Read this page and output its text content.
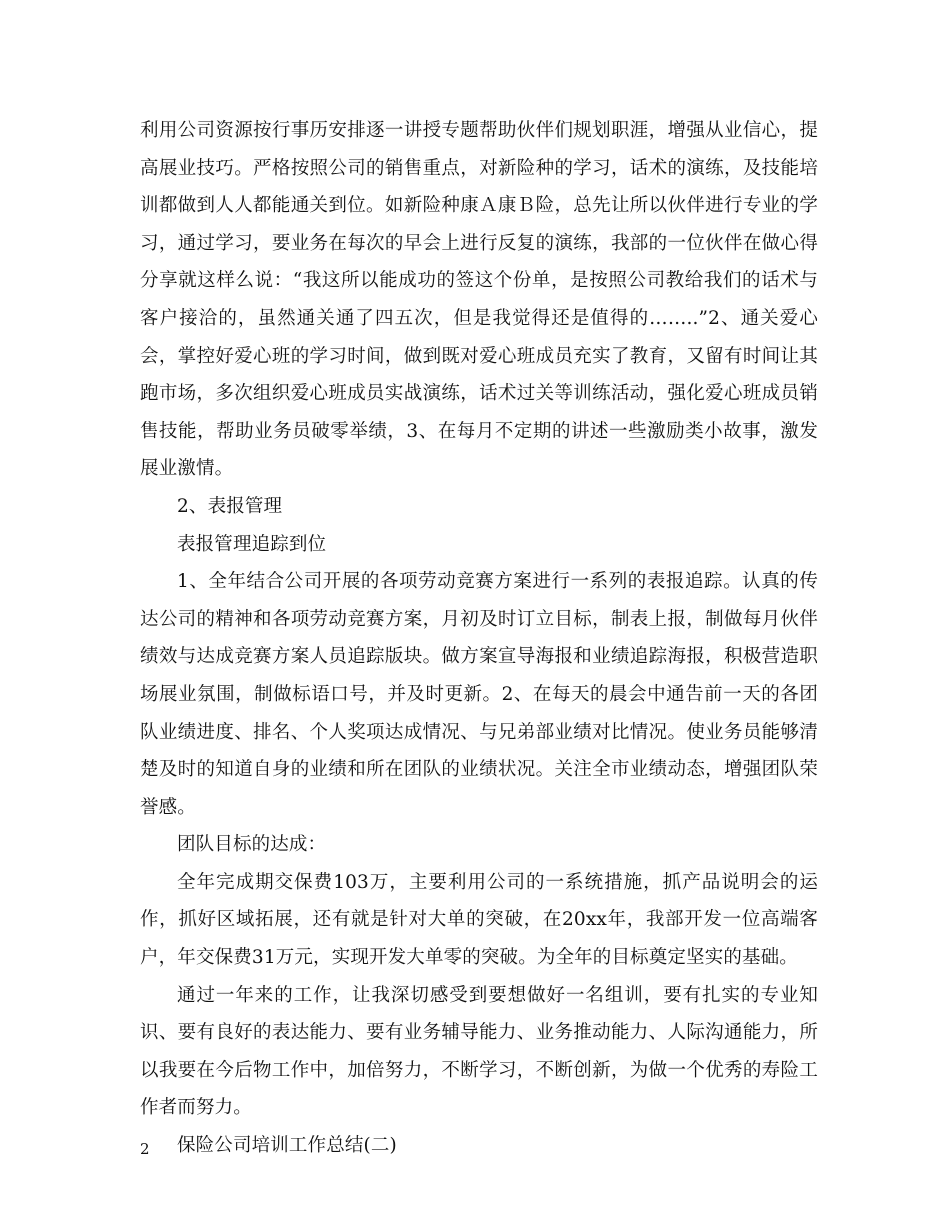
利用公司资源按行事历安排逐一讲授专题帮助伙伴们规划职涯，增强从业信心，提高展业技巧。严格按照公司的销售重点，对新险种的学习，话术的演练，及技能培训都做到人人都能通关到位。如新险种康Ａ康Ｂ险，总先让所以伙伴进行专业的学习，通过学习，要业务在每次的早会上进行反复的演练，我部的一位伙伴在做心得分享就这样么说：“我这所以能成功的签这个份单，是按照公司教给我们的话术与客户接洽的，虽然通关通了四五次，但是我觉得还是值得的……..”2、通关爱心会，掌控好爱心班的学习时间，做到既对爱心班成员充实了教育，又留有时间让其跑市场，多次组织爱心班成员实战演练，话术过关等训练活动，强化爱心班成员销售技能，帮助业务员破零举绩，3、在每月不定期的讲述一些激励类小故事，激发展业激情。

2、表报管理

表报管理追踪到位

1、全年结合公司开展的各项劳动竞赛方案进行一系列的表报追踪。认真的传达公司的精神和各项劳动竞赛方案，月初及时订立目标，制表上报，制做每月伙伴绩效与达成竞赛方案人员追踪版块。做方案宣导海报和业绩追踪海报，积极营造职场展业氛围，制做标语口号，并及时更新。2、在每天的晨会中通告前一天的各团队业绩进度、排名、个人奖项达成情况、与兄弟部业绩对比情况。使业务员能够清楚及时的知道自身的业绩和所在团队的业绩状况。关注全市业绩动态，增强团队荣誉感。

团队目标的达成：

全年完成期交保费103万，主要利用公司的一系统措施，抓产品说明会的运作，抓好区域拓展，还有就是针对大单的突破，在20xx年，我部开发一位高端客户，年交保费31万元，实现开发大单零的突破。为全年的目标奠定坚实的基础。

通过一年来的工作，让我深切感受到要想做好一名组训，要有扎实的专业知识、要有良好的表达能力、要有业务辅导能力、业务推动能力、人际沟通能力，所以我要在今后物工作中，加倍努力，不断学习，不断创新，为做一个优秀的寿险工作者而努力。

保险公司培训工作总结(二)

2
